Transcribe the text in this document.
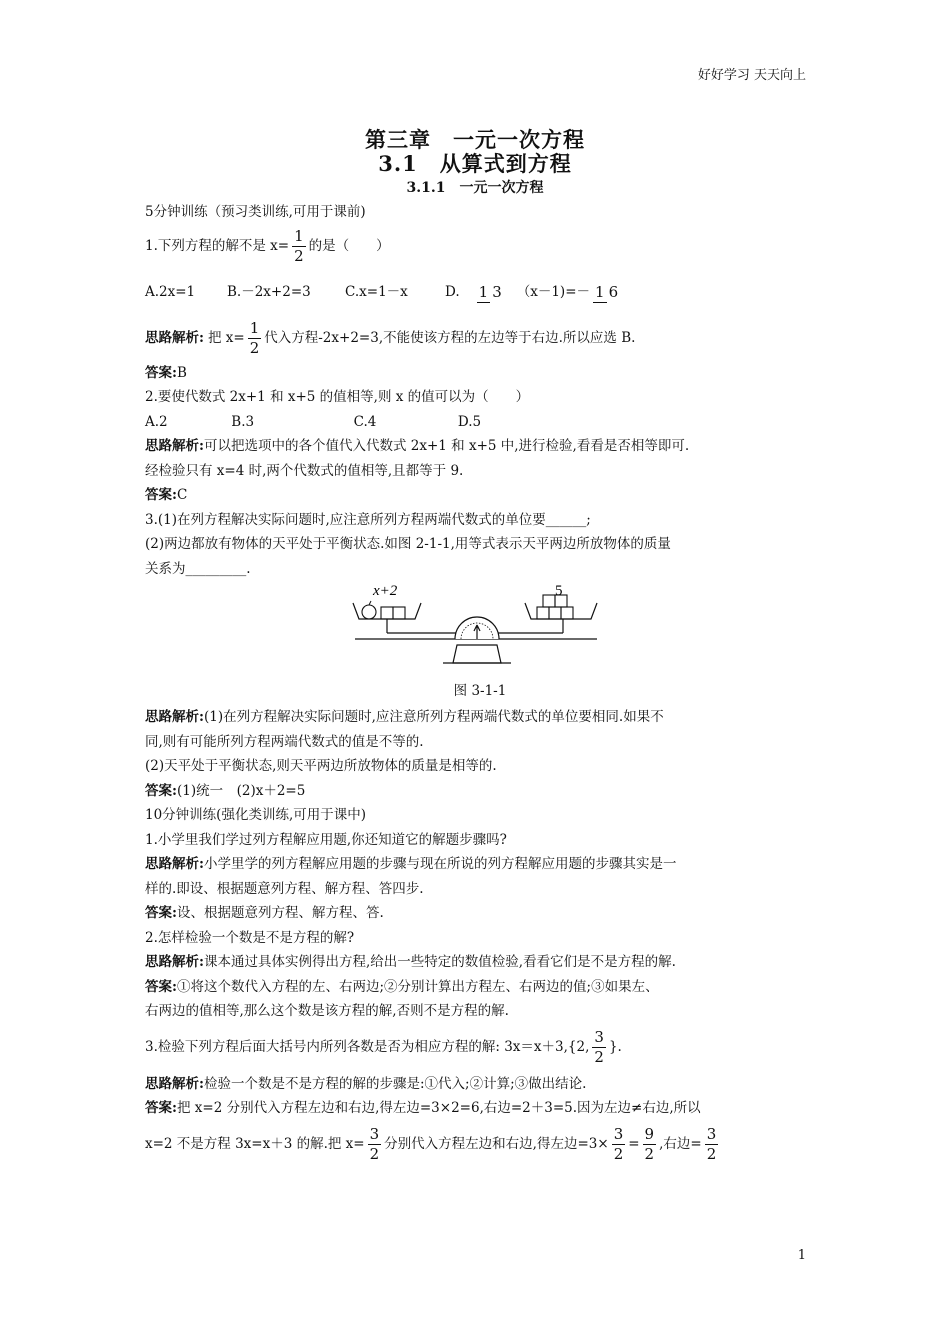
好好学习 天天向上
第三章　一元一次方程
3.1　从算式到方程
3.1.1　一元一次方程
5分钟训练（预习类训练,可用于课前)
1.下列方程的解不是 $x= \frac{1}{2}$ 的是（　　）
A.2x=1	B.－2x+2=3	C.x=1－x	D. 1 3 （x－1)=－ 1 6
思路解析: 把 $x= \frac{1}{2}$ 代入方程-2x+2=3,不能使该方程的左边等于右边.所以应选 B.
答案:B
2.要使代数式 2x+1 和 x+5 的值相等,则 x 的值可以为（　　）
A.2	B.3	C.4	D.5
思路解析:可以把选项中的各个值代入代数式 2x+1 和 x+5 中,进行检验,看看是否相等即可.
经检验只有 x=4 时,两个代数式的值相等,且都等于 9.
答案:C
3.(1)在列方程解决实际问题时,应注意所列方程两端代数式的单位要______;
(2)两边都放有物体的天平处于平衡状态.如图 2-1-1,用等式表示天平两边所放物体的质量
关系为_________.
x+2	5
图 3-1-1
思路解析:(1)在列方程解决实际问题时,应注意所列方程两端代数式的单位要相同.如果不
同,则有可能所列方程两端代数式的值是不等的.
(2)天平处于平衡状态,则天平两边所放物体的质量是相等的.
答案:(1)统一　(2)x＋2=5
10分钟训练(强化类训练,可用于课中)
1.小学里我们学过列方程解应用题,你还知道它的解题步骤吗?
思路解析:小学里学的列方程解应用题的步骤与现在所说的列方程解应用题的步骤其实是一
样的.即设、根据题意列方程、解方程、答四步.
答案:设、根据题意列方程、解方程、答.
2.怎样检验一个数是不是方程的解?
思路解析:课本通过具体实例得出方程,给出一些特定的数值检验,看看它们是不是方程的解.
答案:①将这个数代入方程的左、右两边;②分别计算出方程左、右两边的值;③如果左、
右两边的值相等,那么这个数是该方程的解,否则不是方程的解.
3.检验下列方程后面大括号内所列各数是否为相应方程的解: 3x＝x＋3,{2, $\frac{3}{2}$ }.
思路解析:检验一个数是不是方程的解的步骤是:①代入;②计算;③做出结论.
答案:把 x=2 分别代入方程左边和右边,得左边=3×2=6,右边=2＋3=5.因为左边≠右边,所以
x=2 不是方程 3x=x＋3 的解.把 $x= \frac{3}{2}$ 分别代入方程左边和右边,得左边$=3\times \frac{3}{2} = \frac{9}{2}$ ,右边= $\frac{3}{2}$
1
